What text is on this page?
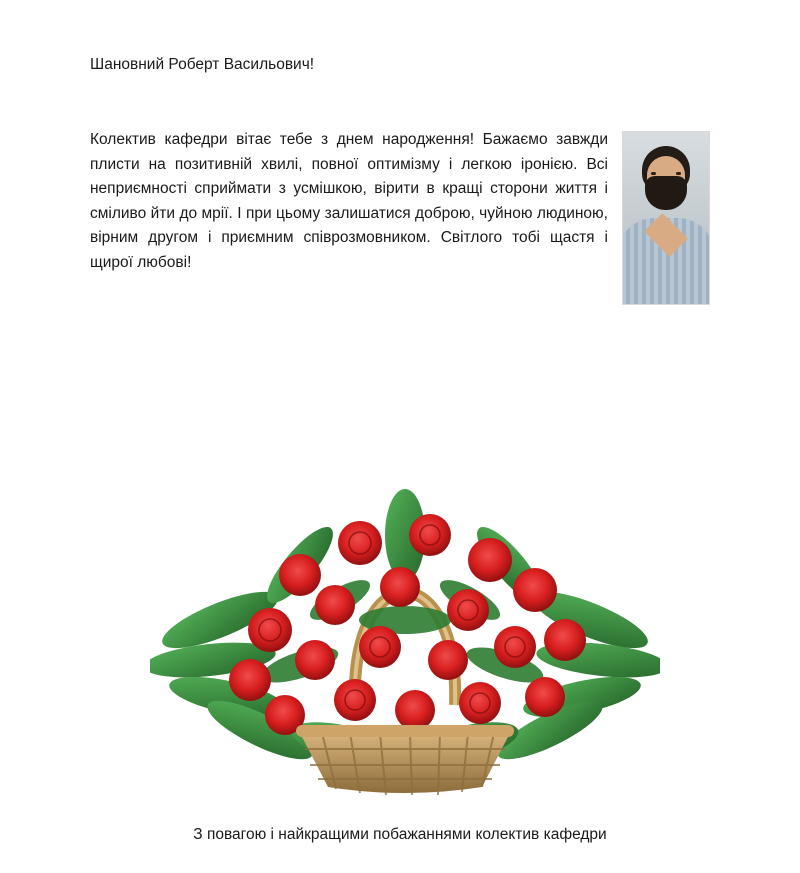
Шановний Роберт Васильович!
Колектив кафедри вітає тебе з днем народження! Бажаємо завжди плисти на позитивній хвилі, повної оптимізму і легкою іронією. Всі неприємності сприймати з усмішкою, вірити в кращі сторони життя і сміливо йти до мрії. І при цьому залишатися доброю, чуйною людиною, вірним другом і приємним співрозмовником. Світлого тобі щастя і щирої любові!
З повагою і найкращими побажаннями колектив кафедри
